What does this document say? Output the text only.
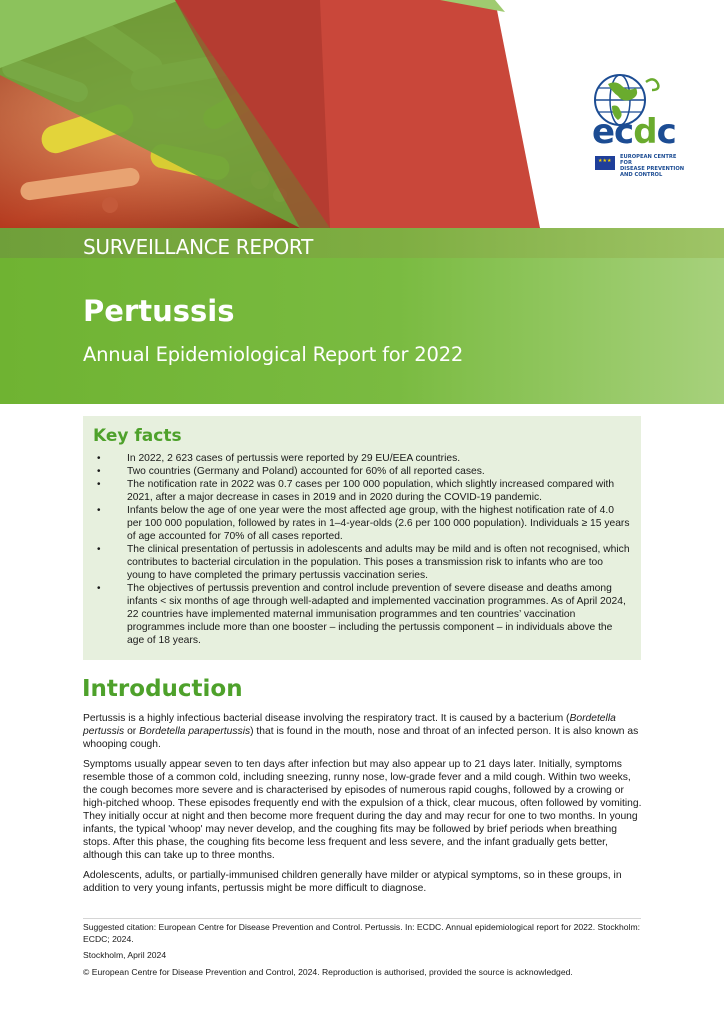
ecdc
★★★
EUROPEAN CENTRE FOR
DISEASE PREVENTION
AND CONTROL
SURVEILLANCE REPORT
Pertussis
Annual Epidemiological Report for 2022
Key facts
• In 2022, 2 623 cases of pertussis were reported by 29 EU/EEA countries.
• Two countries (Germany and Poland) accounted for 60% of all reported cases.
• The notification rate in 2022 was 0.7 cases per 100 000 population, which slightly increased compared with 2021, after a major decrease in cases in 2019 and in 2020 during the COVID-19 pandemic.
• Infants below the age of one year were the most affected age group, with the highest notification rate of 4.0 per 100 000 population, followed by rates in 1–4-year-olds (2.6 per 100 000 population). Individuals ≥ 15 years of age accounted for 70% of all cases reported.
• The clinical presentation of pertussis in adolescents and adults may be mild and is often not recognised, which contributes to bacterial circulation in the population. This poses a transmission risk to infants who are too young to have completed the primary pertussis vaccination series.
• The objectives of pertussis prevention and control include prevention of severe disease and deaths among infants < six months of age through well-adapted and implemented vaccination programmes. As of April 2024, 22 countries have implemented maternal immunisation programmes and ten countries’ vaccination programmes include more than one booster – including the pertussis component – in individuals above the age of 18 years.
Introduction

Pertussis is a highly infectious bacterial disease involving the respiratory tract. It is caused by a bacterium (Bordetella pertussis or Bordetella parapertussis) that is found in the mouth, nose and throat of an infected person. It is also known as whooping cough.

Symptoms usually appear seven to ten days after infection but may also appear up to 21 days later. Initially, symptoms resemble those of a common cold, including sneezing, runny nose, low-grade fever and a mild cough. Within two weeks, the cough becomes more severe and is characterised by episodes of numerous rapid coughs, followed by a crowing or high-pitched whoop. These episodes frequently end with the expulsion of a thick, clear mucous, often followed by vomiting. They initially occur at night and then become more frequent during the day and may recur for one to two months. In young infants, the typical 'whoop' may never develop, and the coughing fits may be followed by brief periods when breathing stops. After this phase, the coughing fits become less frequent and less severe, and the infant gradually gets better, although this can take up to three months.

Adolescents, adults, or partially-immunised children generally have milder or atypical symptoms, so in these groups, in addition to very young infants, pertussis might be more difficult to diagnose.

Suggested citation: European Centre for Disease Prevention and Control. Pertussis. In: ECDC. Annual epidemiological report for 2022. Stockholm: ECDC; 2024.

Stockholm, April 2024

© European Centre for Disease Prevention and Control, 2024. Reproduction is authorised, provided the source is acknowledged.
